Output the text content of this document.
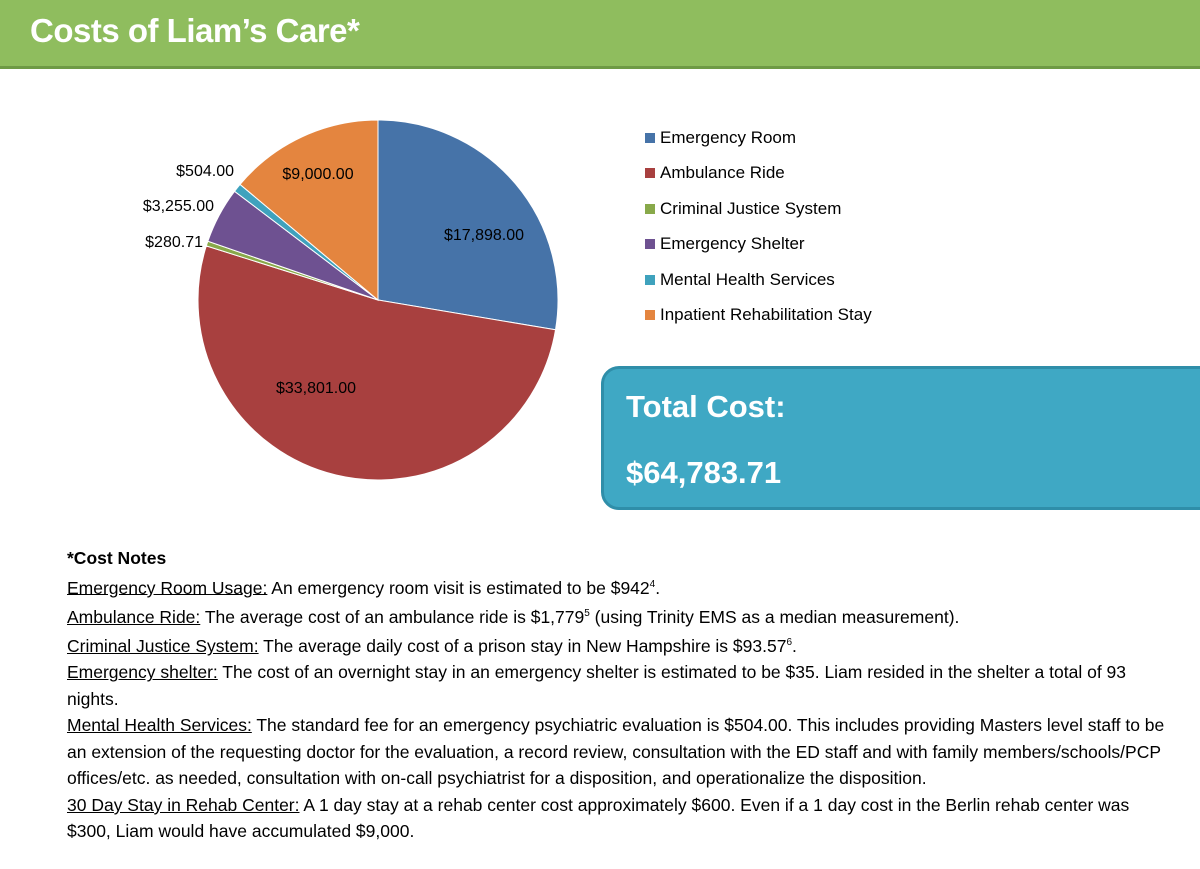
Costs of Liam’s Care*
$17,898.00
$33,801.00
$280.71
$3,255.00
$504.00	$9,000.00
Emergency Room
Ambulance Ride
Criminal Justice System
Emergency Shelter
Mental Health Services
Inpatient Rehabilitation Stay
Total Cost:
$64,783.71
*Cost Notes
Emergency Room Usage: An emergency room visit is estimated to be $\$942^4$.
Ambulance Ride: The average cost of an ambulance ride is $1,779$^5$ (using Trinity EMS as a median measurement).
Criminal Justice System: The average daily cost of a prison stay in New Hampshire is $93.57$^6$.
Emergency shelter: The cost of an overnight stay in an emergency shelter is estimated to be $35. Liam resided in the shelter a total of 93 nights.
Mental Health Services: The standard fee for an emergency psychiatric evaluation is $504.00. This includes providing Masters level staff to be an extension of the requesting doctor for the evaluation, a record review, consultation with the ED staff and with family members/schools/PCP offices/etc. as needed, consultation with on-call psychiatrist for a disposition, and operationalize the disposition.
30 Day Stay in Rehab Center: A 1 day stay at a rehab center cost approximately $600. Even if a 1 day cost in the Berlin rehab center was $300, Liam would have accumulated $9,000.
